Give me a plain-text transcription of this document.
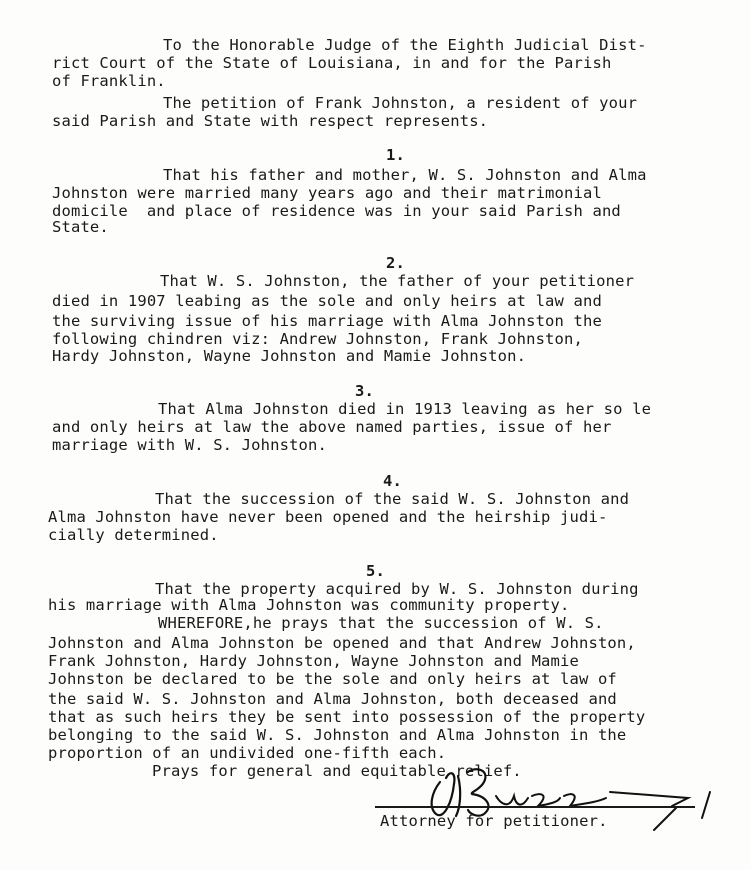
To the Honorable Judge of the Eighth Judicial Dist-
rict Court of the State of Louisiana, in and for the Parish
of Franklin.
The petition of Frank Johnston, a resident of your
said Parish and State with respect represents.
1.
That his father and mother, W. S. Johnston and Alma
Johnston were married many years ago and their matrimonial
domicile  and place of residence was in your said Parish and
State.
2.
That W. S. Johnston, the father of your petitioner
died in 1907 leabing as the sole and only heirs at law and
the surviving issue of his marriage with Alma Johnston the
following chindren viz: Andrew Johnston, Frank Johnston,
Hardy Johnston, Wayne Johnston and Mamie Johnston.
3.
That Alma Johnston died in 1913 leaving as her so le
and only heirs at law the above named parties, issue of her
marriage with W. S. Johnston.
4.
That the succession of the said W. S. Johnston and
Alma Johnston have never been opened and the heirship judi-
cially determined.
5.
That the property acquired by W. S. Johnston during
his marriage with Alma Johnston was community property.
WHEREFORE,he prays that the succession of W. S.
Johnston and Alma Johnston be opened and that Andrew Johnston,
Frank Johnston, Hardy Johnston, Wayne Johnston and Mamie
Johnston be declared to be the sole and only heirs at law of
the said W. S. Johnston and Alma Johnston, both deceased and
that as such heirs they be sent into possession of the property
belonging to the said W. S. Johnston and Alma Johnston in the
proportion of an undivided one-fifth each.
Prays for general and equitable relief.
Attorney for petitioner.
